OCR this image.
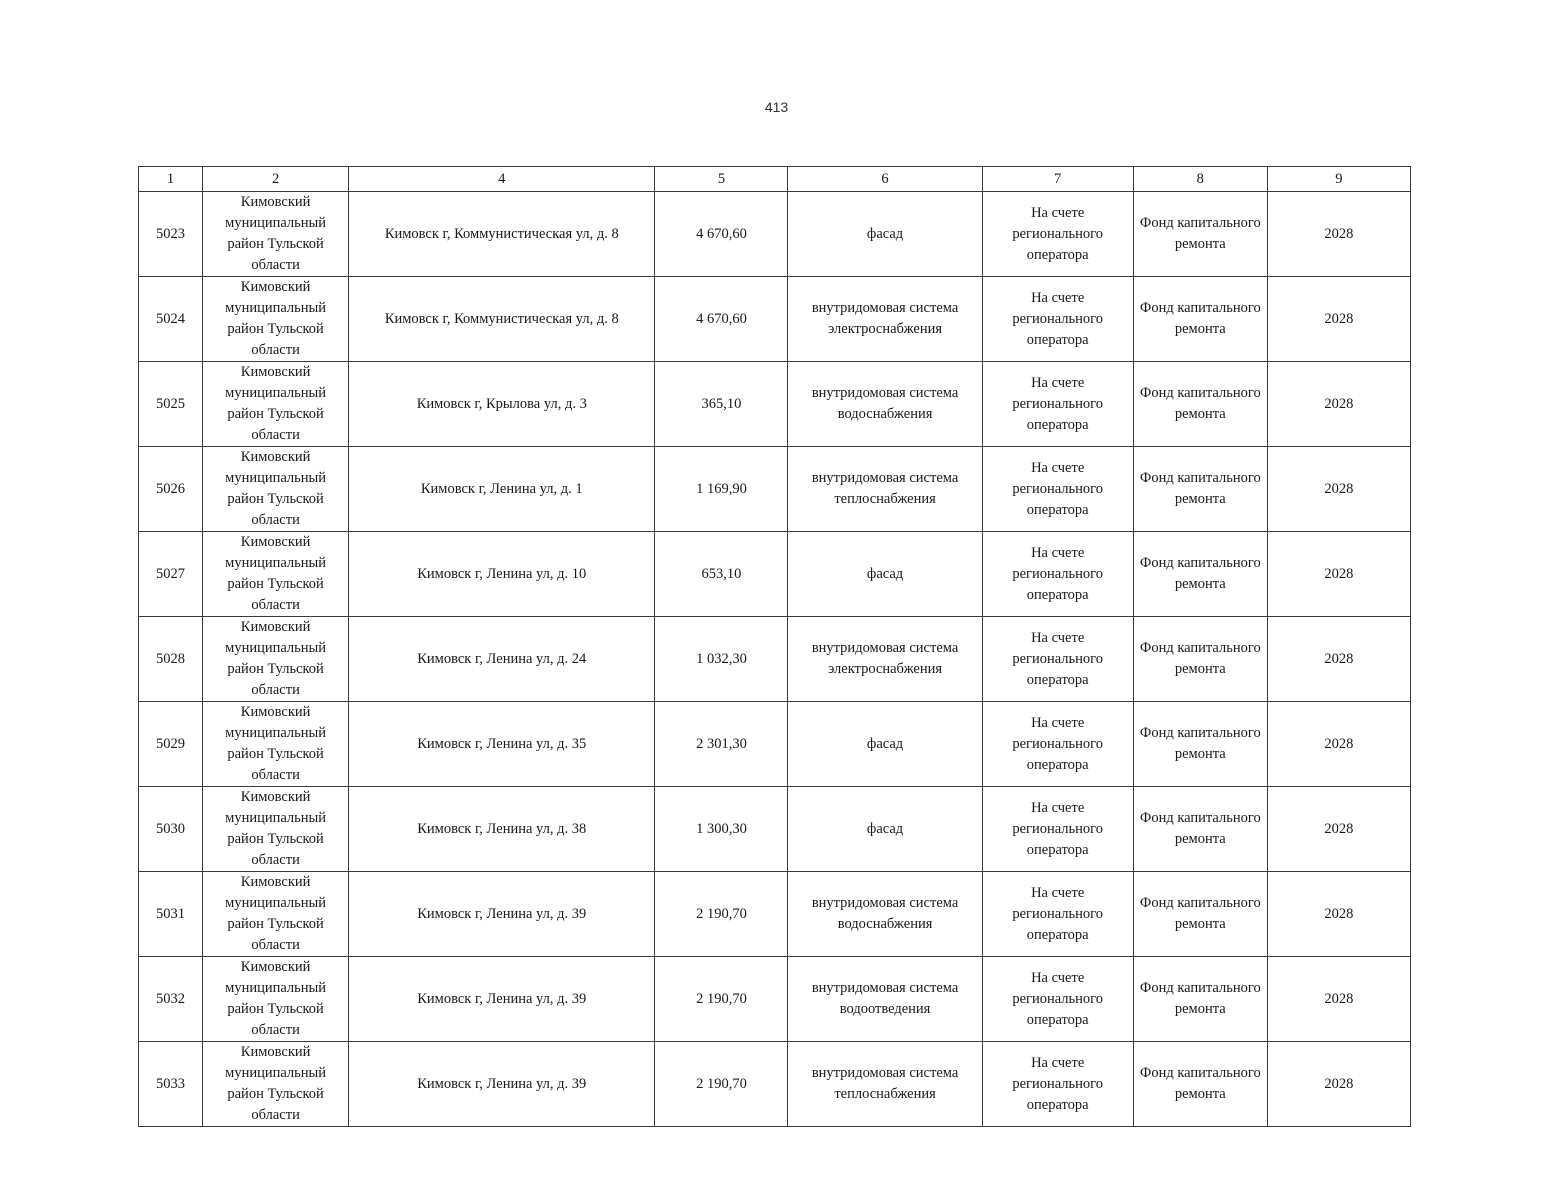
413
1	2	4	5	6	7	8	9
5023	Кимовский муниципальный район Тульской области	Кимовск г, Коммунистическая ул, д. 8	4 670,60	фасад	На счете регионального оператора	Фонд капитального ремонта	2028
5024	Кимовский муниципальный район Тульской области	Кимовск г, Коммунистическая ул, д. 8	4 670,60	внутридомовая система электроснабжения	На счете регионального оператора	Фонд капитального ремонта	2028
5025	Кимовский муниципальный район Тульской области	Кимовск г, Крылова ул, д. 3	365,10	внутридомовая система водоснабжения	На счете регионального оператора	Фонд капитального ремонта	2028
5026	Кимовский муниципальный район Тульской области	Кимовск г, Ленина ул, д. 1	1 169,90	внутридомовая система теплоснабжения	На счете регионального оператора	Фонд капитального ремонта	2028
5027	Кимовский муниципальный район Тульской области	Кимовск г, Ленина ул, д. 10	653,10	фасад	На счете регионального оператора	Фонд капитального ремонта	2028
5028	Кимовский муниципальный район Тульской области	Кимовск г, Ленина ул, д. 24	1 032,30	внутридомовая система электроснабжения	На счете регионального оператора	Фонд капитального ремонта	2028
5029	Кимовский муниципальный район Тульской области	Кимовск г, Ленина ул, д. 35	2 301,30	фасад	На счете регионального оператора	Фонд капитального ремонта	2028
5030	Кимовский муниципальный район Тульской области	Кимовск г, Ленина ул, д. 38	1 300,30	фасад	На счете регионального оператора	Фонд капитального ремонта	2028
5031	Кимовский муниципальный район Тульской области	Кимовск г, Ленина ул, д. 39	2 190,70	внутридомовая система водоснабжения	На счете регионального оператора	Фонд капитального ремонта	2028
5032	Кимовский муниципальный район Тульской области	Кимовск г, Ленина ул, д. 39	2 190,70	внутридомовая система водоотведения	На счете регионального оператора	Фонд капитального ремонта	2028
5033	Кимовский муниципальный район Тульской области	Кимовск г, Ленина ул, д. 39	2 190,70	внутридомовая система теплоснабжения	На счете регионального оператора	Фонд капитального ремонта	2028
